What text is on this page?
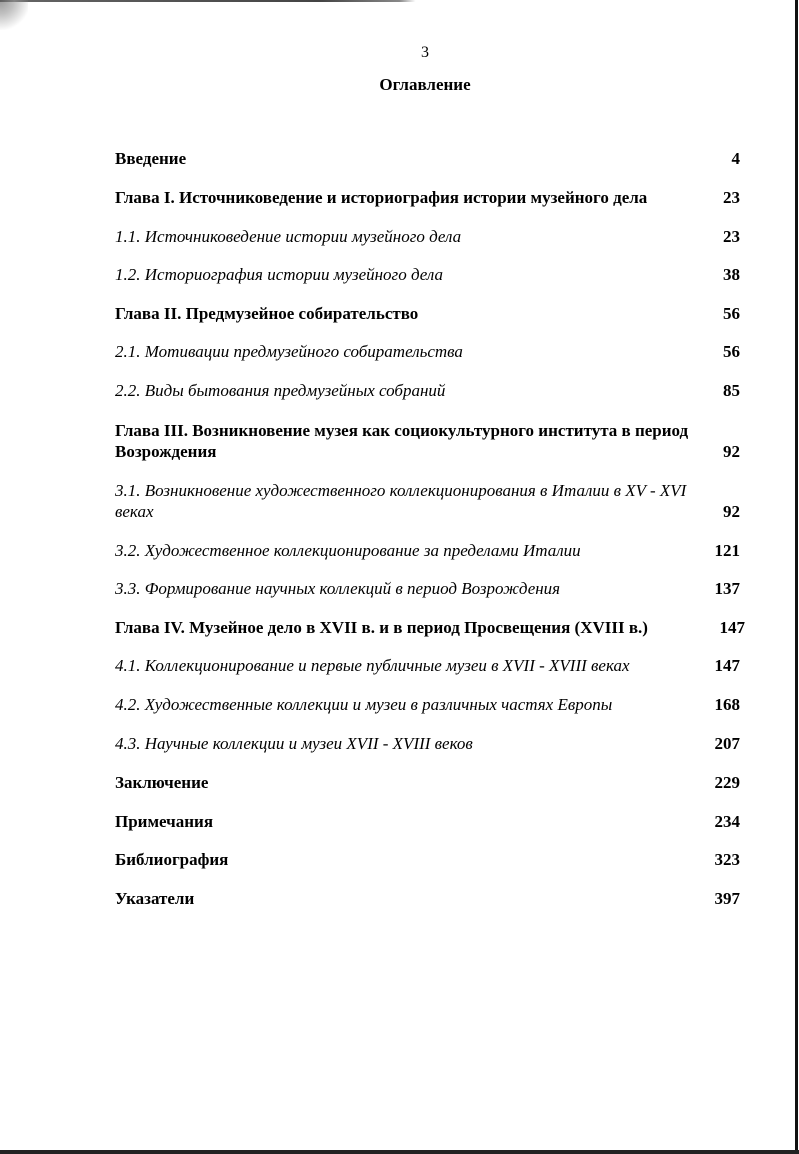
3
Оглавление
Введение	4
Глава I. Источниковедение и историография истории музейного дела	23
1.1. Источниковедение истории музейного дела	23
1.2. Историография истории музейного дела	38
Глава II. Предмузейное собирательство	56
2.1. Мотивации предмузейного собирательства	56
2.2. Виды бытования предмузейных собраний	85
Глава III. Возникновение музея как социокультурного института в период Возрождения	92
3.1. Возникновение художественного коллекционирования в Италии в XV - XVI веках	92
3.2. Художественное коллекционирование за пределами Италии	121
3.3. Формирование научных коллекций в период Возрождения	137
Глава IV. Музейное дело в XVII в. и в период Просвещения (XVIII в.)	147
4.1. Коллекционирование и первые публичные музеи в XVII - XVIII веках	147
4.2. Художественные коллекции и музеи в различных частях Европы	168
4.3. Научные коллекции и музеи XVII - XVIII веков	207
Заключение	229
Примечания	234
Библиография	323
Указатели	397
